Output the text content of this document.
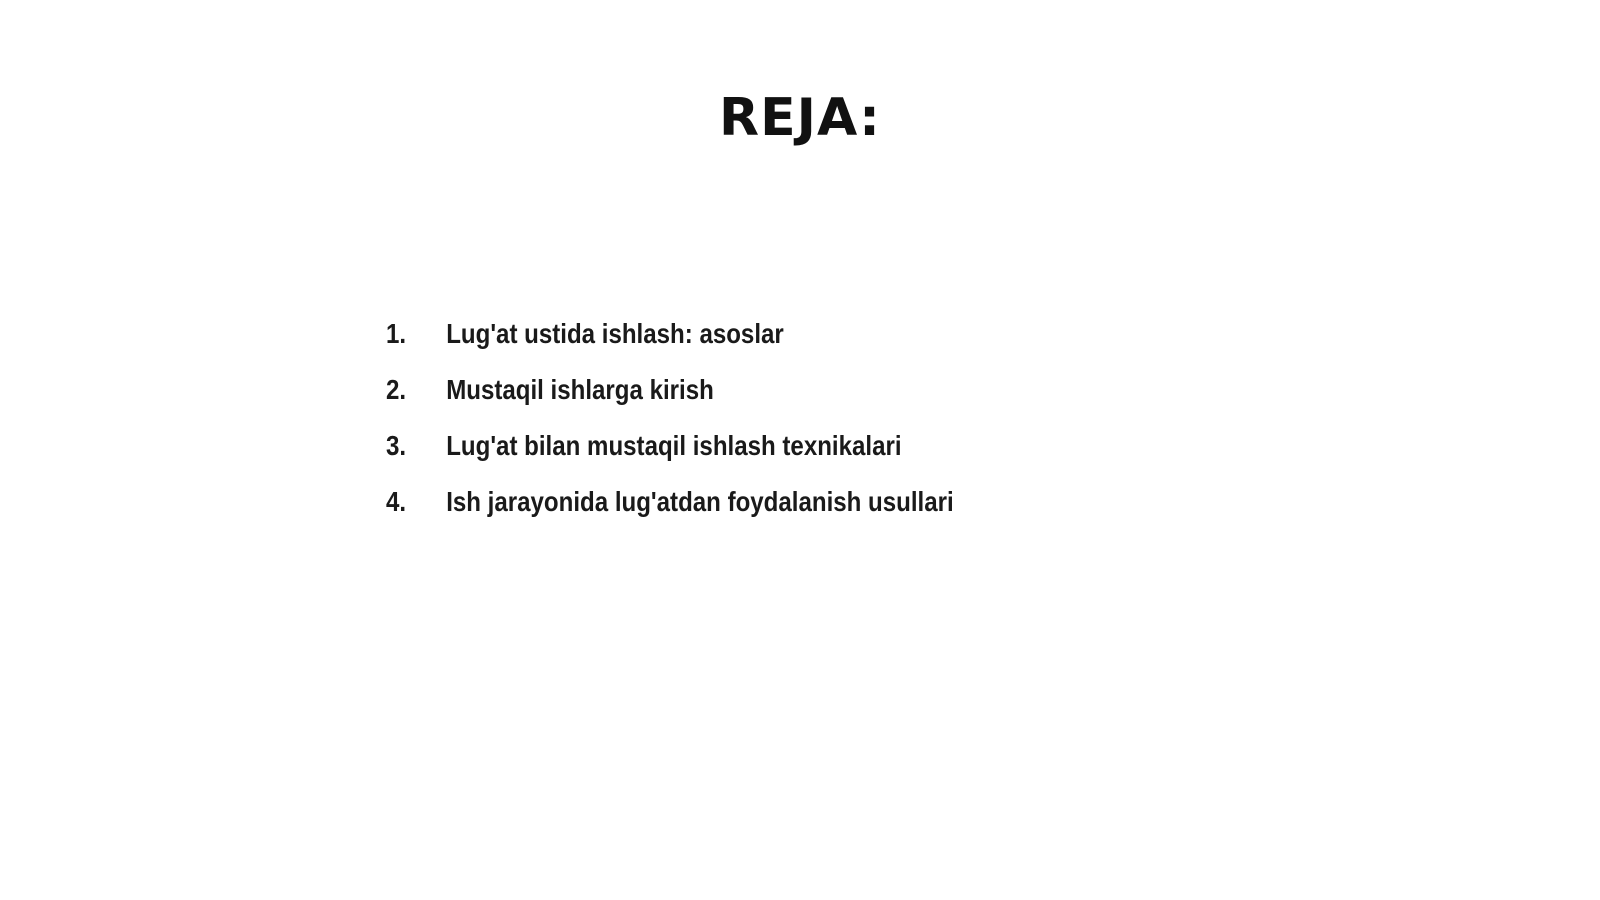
REJA:
1.	Lug'at ustida ishlash: asoslar
2.	Mustaqil ishlarga kirish
3.	Lug'at bilan mustaqil ishlash texnikalari
4.	Ish jarayonida lug'atdan foydalanish usullari
